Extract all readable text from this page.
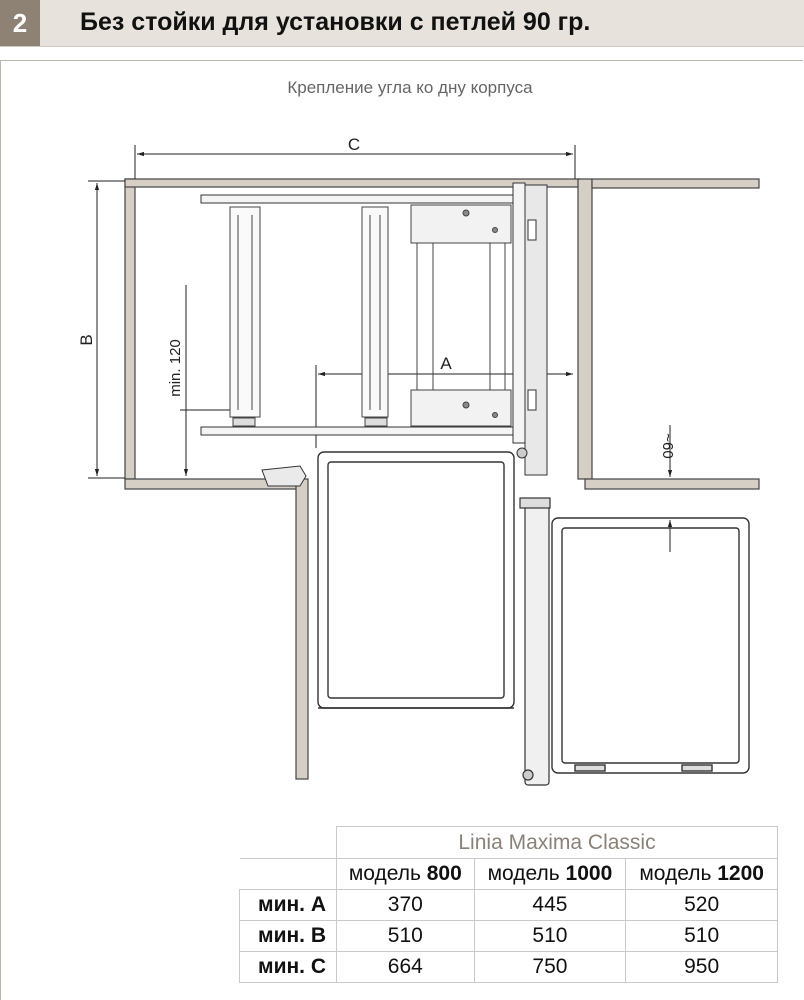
2	Без стойки для установки с петлей 90 гр.
Крепление угла ко дну корпуса
C
B	min. 120	A
~60
	Linia Maxima Classic		
	модель 800	модель 1000	модель 1200
мин. A	370	445	520
мин. B	510	510	510
мин. C	664	750	950
